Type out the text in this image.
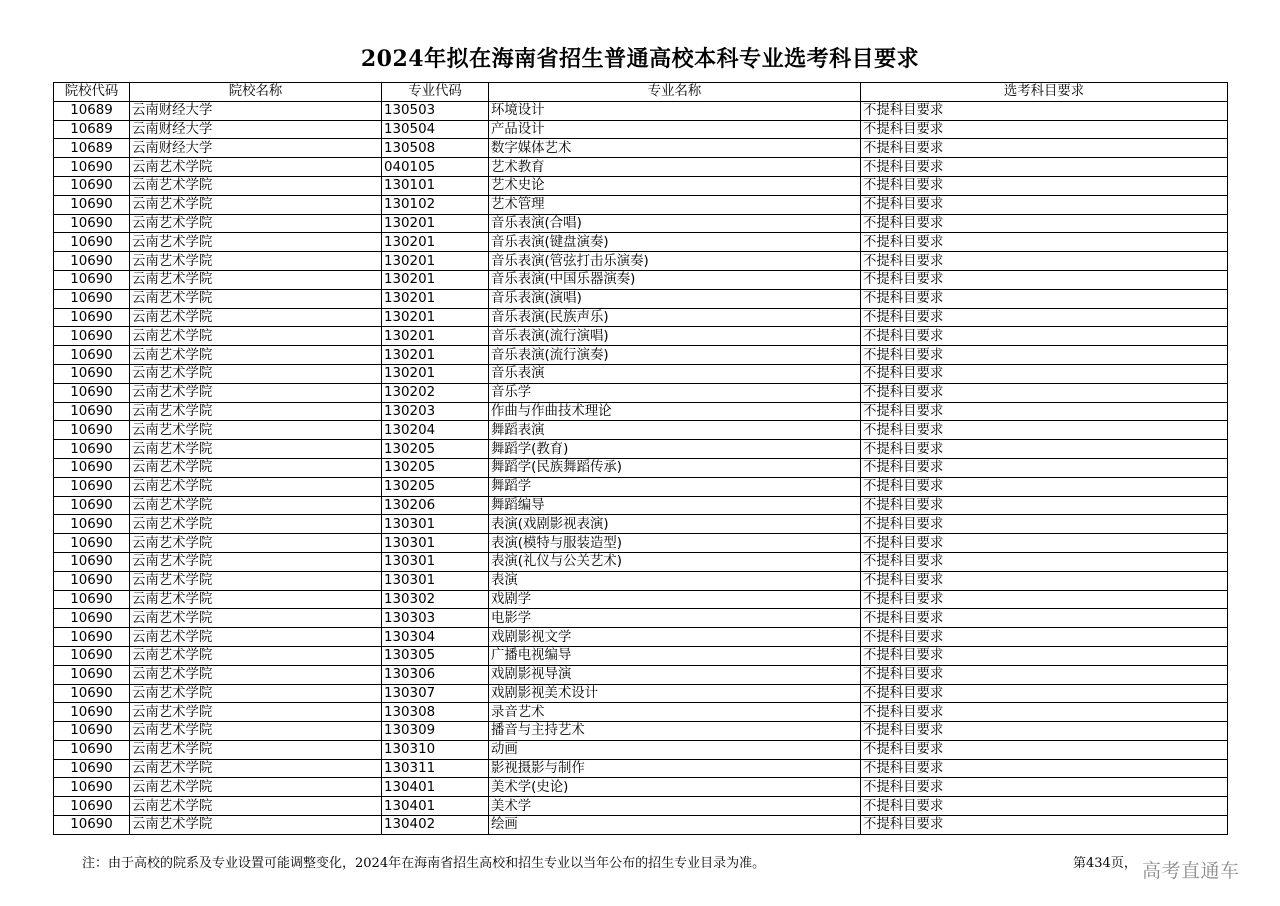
2024年拟在海南省招生普通高校本科专业选考科目要求
院校代码	院校名称	专业代码	专业名称	选考科目要求
10689	云南财经大学	130503	环境设计	不提科目要求
10689	云南财经大学	130504	产品设计	不提科目要求
10689	云南财经大学	130508	数字媒体艺术	不提科目要求
10690	云南艺术学院	040105	艺术教育	不提科目要求
10690	云南艺术学院	130101	艺术史论	不提科目要求
10690	云南艺术学院	130102	艺术管理	不提科目要求
10690	云南艺术学院	130201	音乐表演(合唱)	不提科目要求
10690	云南艺术学院	130201	音乐表演(键盘演奏)	不提科目要求
10690	云南艺术学院	130201	音乐表演(管弦打击乐演奏)	不提科目要求
10690	云南艺术学院	130201	音乐表演(中国乐器演奏)	不提科目要求
10690	云南艺术学院	130201	音乐表演(演唱)	不提科目要求
10690	云南艺术学院	130201	音乐表演(民族声乐)	不提科目要求
10690	云南艺术学院	130201	音乐表演(流行演唱)	不提科目要求
10690	云南艺术学院	130201	音乐表演(流行演奏)	不提科目要求
10690	云南艺术学院	130201	音乐表演	不提科目要求
10690	云南艺术学院	130202	音乐学	不提科目要求
10690	云南艺术学院	130203	作曲与作曲技术理论	不提科目要求
10690	云南艺术学院	130204	舞蹈表演	不提科目要求
10690	云南艺术学院	130205	舞蹈学(教育)	不提科目要求
10690	云南艺术学院	130205	舞蹈学(民族舞蹈传承)	不提科目要求
10690	云南艺术学院	130205	舞蹈学	不提科目要求
10690	云南艺术学院	130206	舞蹈编导	不提科目要求
10690	云南艺术学院	130301	表演(戏剧影视表演)	不提科目要求
10690	云南艺术学院	130301	表演(模特与服装造型)	不提科目要求
10690	云南艺术学院	130301	表演(礼仪与公关艺术)	不提科目要求
10690	云南艺术学院	130301	表演	不提科目要求
10690	云南艺术学院	130302	戏剧学	不提科目要求
10690	云南艺术学院	130303	电影学	不提科目要求
10690	云南艺术学院	130304	戏剧影视文学	不提科目要求
10690	云南艺术学院	130305	广播电视编导	不提科目要求
10690	云南艺术学院	130306	戏剧影视导演	不提科目要求
10690	云南艺术学院	130307	戏剧影视美术设计	不提科目要求
10690	云南艺术学院	130308	录音艺术	不提科目要求
10690	云南艺术学院	130309	播音与主持艺术	不提科目要求
10690	云南艺术学院	130310	动画	不提科目要求
10690	云南艺术学院	130311	影视摄影与制作	不提科目要求
10690	云南艺术学院	130401	美术学(史论)	不提科目要求
10690	云南艺术学院	130401	美术学	不提科目要求
10690	云南艺术学院	130402	绘画	不提科目要求
注：由于高校的院系及专业设置可能调整变化，2024年在海南省招生高校和招生专业以当年公布的招生专业目录为准。	第434页， 高考直通车
